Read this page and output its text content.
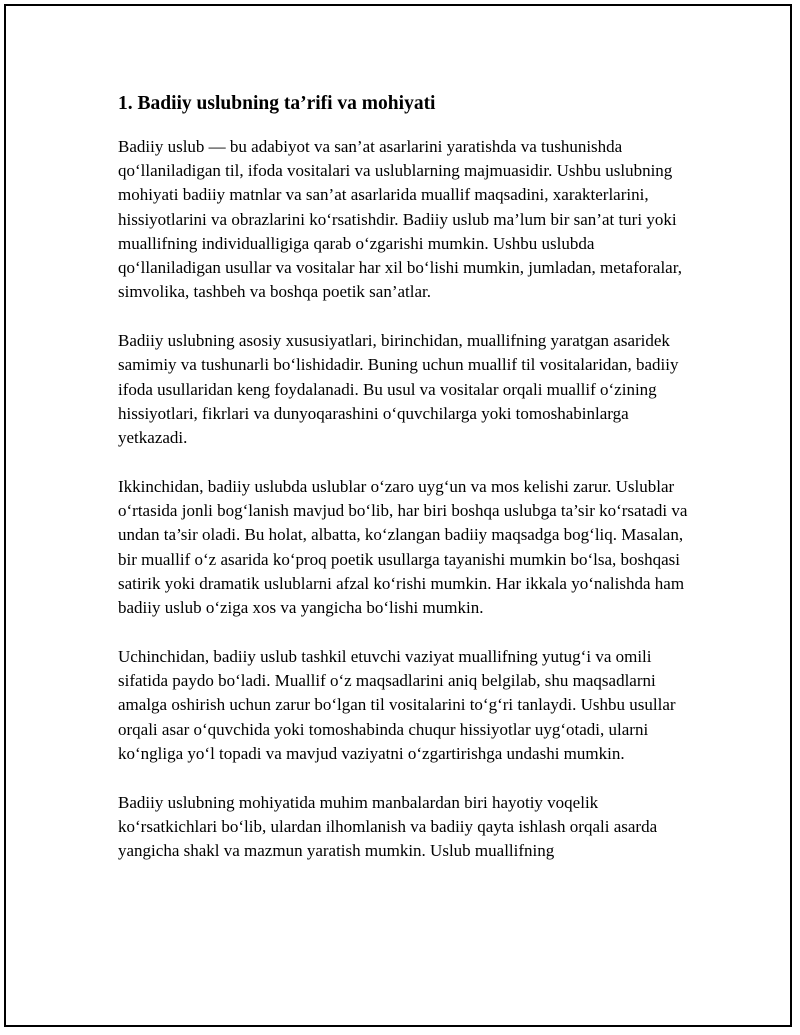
1. Badiiy uslubning ta’rifi va mohiyati

Badiiy uslub — bu adabiyot va san’at asarlarini yaratishda va tushunishda qo‘llaniladigan til, ifoda vositalari va uslublarning majmuasidir. Ushbu uslubning mohiyati badiiy matnlar va san’at asarlarida muallif maqsadini, xarakterlarini, hissiyotlarini va obrazlarini ko‘rsatishdir. Badiiy uslub ma’lum bir san’at turi yoki muallifning individualligiga qarab o‘zgarishi mumkin. Ushbu uslubda qo‘llaniladigan usullar va vositalar har xil bo‘lishi mumkin, jumladan, metaforalar, simvolika, tashbeh va boshqa poetik san’atlar.

Badiiy uslubning asosiy xususiyatlari, birinchidan, muallifning yaratgan asaridek samimiy va tushunarli bo‘lishidadir. Buning uchun muallif til vositalaridan, badiiy ifoda usullaridan keng foydalanadi. Bu usul va vositalar orqali muallif o‘zining hissiyotlari, fikrlari va dunyoqarashini o‘quvchilarga yoki tomoshabinlarga yetkazadi.

Ikkinchidan, badiiy uslubda uslublar o‘zaro uyg‘un va mos kelishi zarur. Uslublar o‘rtasida jonli bog‘lanish mavjud bo‘lib, har biri boshqa uslubga ta’sir ko‘rsatadi va undan ta’sir oladi. Bu holat, albatta, ko‘zlangan badiiy maqsadga bog‘liq. Masalan, bir muallif o‘z asarida ko‘proq poetik usullarga tayanishi mumkin bo‘lsa, boshqasi satirik yoki dramatik uslublarni afzal ko‘rishi mumkin. Har ikkala yo‘nalishda ham badiiy uslub o‘ziga xos va yangicha bo‘lishi mumkin.

Uchinchidan, badiiy uslub tashkil etuvchi vaziyat muallifning yutug‘i va omili sifatida paydo bo‘ladi. Muallif o‘z maqsadlarini aniq belgilab, shu maqsadlarni amalga oshirish uchun zarur bo‘lgan til vositalarini to‘g‘ri tanlaydi. Ushbu usullar orqali asar o‘quvchida yoki tomoshabinda chuqur hissiyotlar uyg‘otadi, ularni ko‘ngliga yo‘l topadi va mavjud vaziyatni o‘zgartirishga undashi mumkin.

Badiiy uslubning mohiyatida muhim manbalardan biri hayotiy voqelik ko‘rsatkichlari bo‘lib, ulardan ilhomlanish va badiiy qayta ishlash orqali asarda yangicha shakl va mazmun yaratish mumkin. Uslub muallifning
